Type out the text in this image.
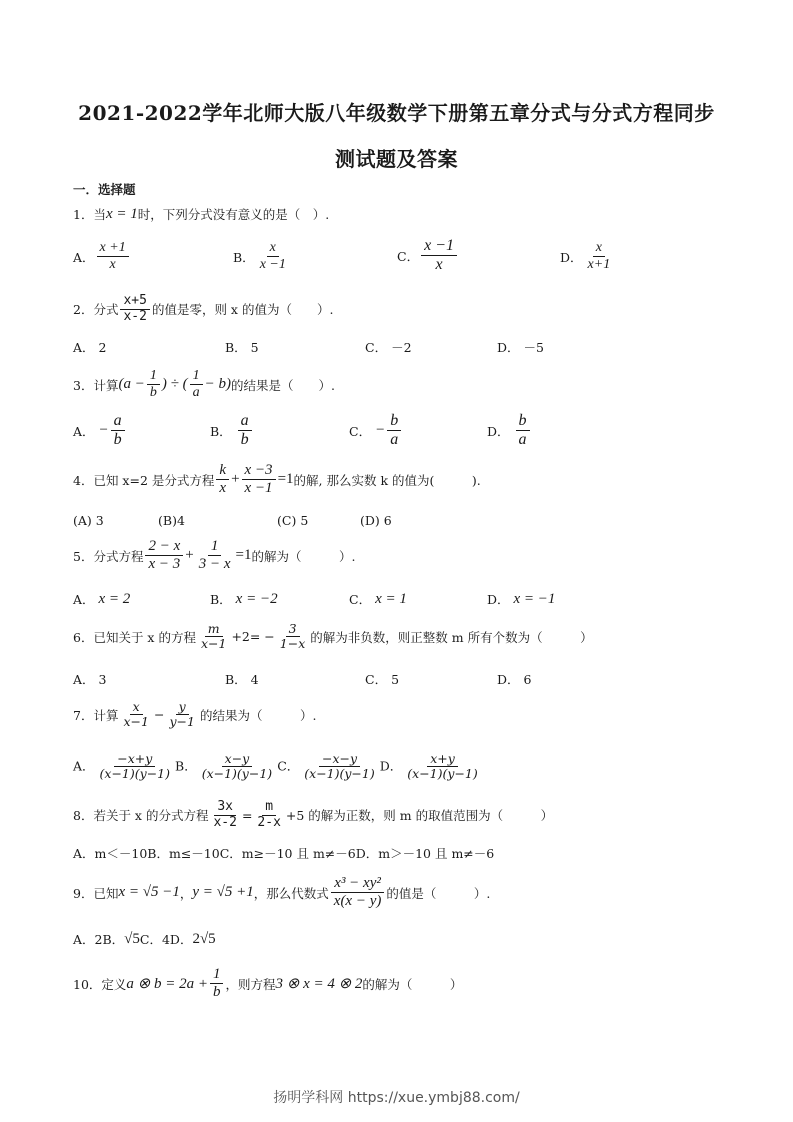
2021-2022学年北师大版八年级数学下册第五章分式与分式方程同步
测试题及答案
一．选择题
1． 当 x = 1 时，下列分式没有意义的是（　）.
A． $\frac{x +1}{x}$	B． $\frac{x}{x -1}$	C． $\frac{x -1}{x}$	D． $\frac{x}{x+1}$
2． 分式 $\frac{x+5}{x-2}$ 的值是零，则 x 的值为（　　）.
A．
2	B．
5	C．
－2	D．
－5
3． 计算 ($a - \frac{1}{b}$ ) ÷ ( $\frac{1}{a} - b$) 的结果是（　　）.
A．
− $\frac{a}{b}$	B．
$\frac{a}{b}$	C．
− $\frac{b}{a}$	D．
$\frac{b}{a}$
4． 已知 x=2 是分式方程 $\frac{k}{x} + \frac{x -3}{x -1} =1$ 的解, 那么实数 k 的值为(　　　).
(A)
3	(B) 4	(C)
5	(D)
6
5． 分式方程 $\frac{2 - x}{x - 3} + \frac{1}{3 - x} =1$ 的解为（　　　）.
A．
x = 2	B．
x = −2	C．
x = 1	D．
x = −1
6． 已知关于 x 的方程 $\frac{m}{x-1} +2= - \frac{3}{1-x}$ 的解为非负数，则正整数 m 所有个数为（　　　）
A．
3	B．
4	C．
5	D．
6
7． 计算 $\frac{x}{x-1} - \frac{y}{y-1}$ 的结果为（　　　）.
A． $\frac{-x+y}{(x-1)(y-1)}$ B． $\frac{x-y}{(x-1)(y-1)}$ C． $\frac{-x-y}{(x-1)(y-1)}$ D． $\frac{x+y}{(x-1)(y-1)}$
8． 若关于 x 的分式方程 $\frac{3x}{x-2} = \frac{m}{2-x} +5$ 的解为正数，则 m 的取值范围为（　　　）
A．m＜－10B．m≤－10C．m≥－10 且 m≠－6D．m＞－10 且 m≠－6
9． 已知 x = √5 −1 ， y = √5 +1 ，那么代数式 $\frac{\text{x³ − xy²}}{x(x - y)}$ 的值是（　　　）.
A．2B． √5 C．4D． 2√5
10． 定义 a ⊗ $b = 2a + \frac{1}{b}$ ，则方程 3 ⊗ x = 4 ⊗ 2 的解为（　　　）
扬明学科网 https://xue.ymbj88.com/
